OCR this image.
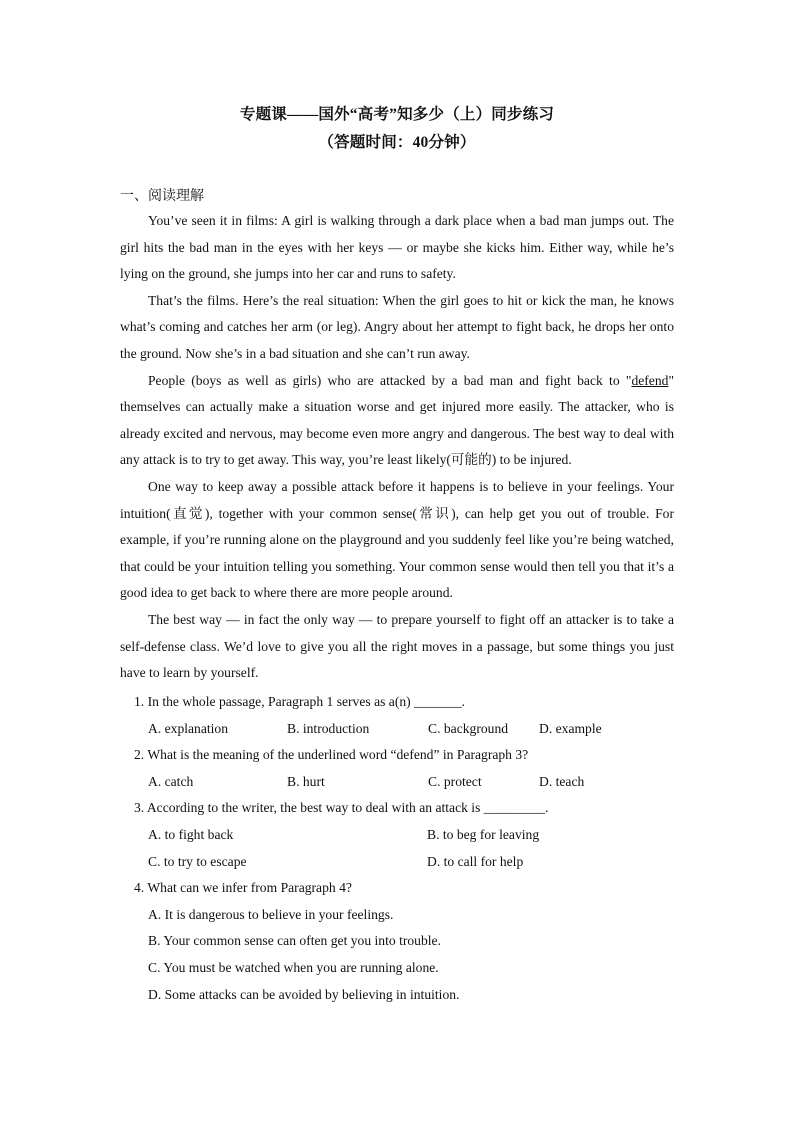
专题课——国外“高考”知多少（上）同步练习
（答题时间：40分钟）
一、阅读理解

You’ve seen it in films: A girl is walking through a dark place when a bad man jumps out. The girl hits the bad man in the eyes with her keys — or maybe she kicks him. Either way, while he’s lying on the ground, she jumps into her car and runs to safety.

That’s the films. Here’s the real situation: When the girl goes to hit or kick the man, he knows what’s coming and catches her arm (or leg). Angry about her attempt to fight back, he drops her onto the ground. Now she’s in a bad situation and she can’t run away.

People (boys as well as girls) who are attacked by a bad man and fight back to "defend" themselves can actually make a situation worse and get injured more easily. The attacker, who is already excited and nervous, may become even more angry and dangerous. The best way to deal with any attack is to try to get away. This way, you’re least likely(可能的) to be injured.

One way to keep away a possible attack before it happens is to believe in your feelings. Your intuition(直觉), together with your common sense(常识), can help get you out of trouble. For example, if you’re running alone on the playground and you suddenly feel like you’re being watched, that could be your intuition telling you something. Your common sense would then tell you that it’s a good idea to get back to where there are more people around.

The best way — in fact the only way — to prepare yourself to fight off an attacker is to take a self-defense class. We’d love to give you all the right moves in a passage, but some things you just have to learn by yourself.

1. In the whole passage, Paragraph 1 serves as a(n) _______.
A. explanation	B. introduction	C. background D. example
2. What is the meaning of the underlined word “defend” in Paragraph 3?
A. catch	B. hurt	C. protect	D. teach
3. According to the writer, the best way to deal with an attack is _________.
A. to fight back	B. to beg for leaving
C. to try to escape	D. to call for help
4. What can we infer from Paragraph 4?
A. It is dangerous to believe in your feelings.
B. Your common sense can often get you into trouble.
C. You must be watched when you are running alone.
D. Some attacks can be avoided by believing in intuition.
